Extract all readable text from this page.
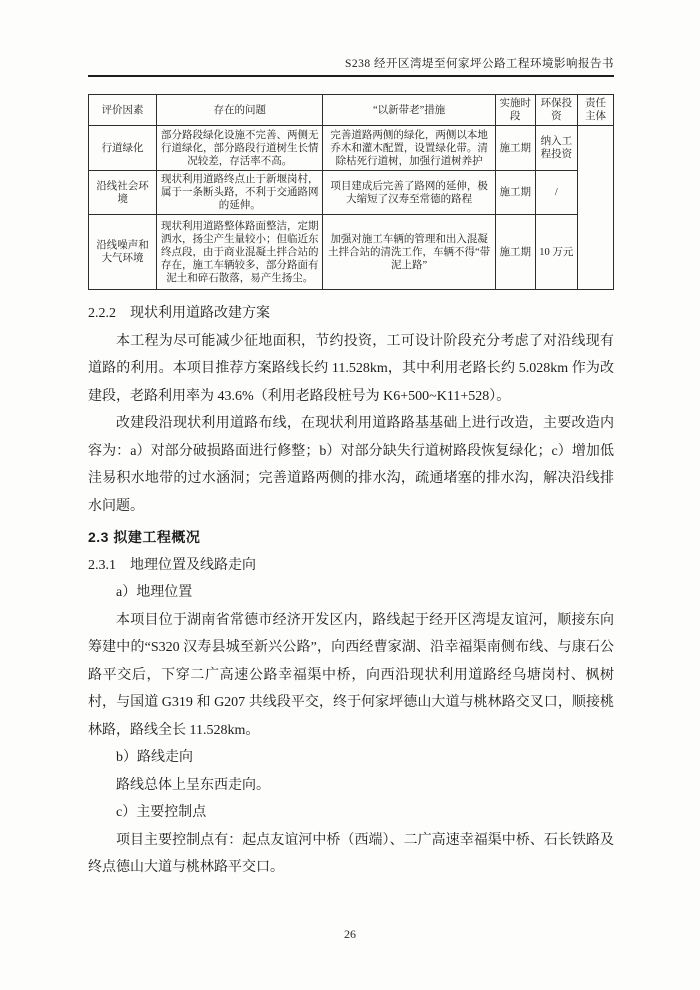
S238 经开区湾堤至何家坪公路工程环境影响报告书
评价因素	存在的问题	“以新带老”措施	实施时段	环保投资	责任主体
行道绿化	部分路段绿化设施不完善、两侧无行道绿化，部分路段行道树生长情况较差，存活率不高。	完善道路两侧的绿化，两侧以本地乔木和灌木配置，设置绿化带。清除枯死行道树，加强行道树养护	施工期	纳入工程投资	
沿线社会环境	现状利用道路终点止于新堰岗村，属于一条断头路，不利于交通路网的延伸。	项目建成后完善了路网的延伸，极大缩短了汉寿至常德的路程	施工期	/	
沿线噪声和大气环境	现状利用道路整体路面整洁，定期洒水，扬尘产生量较小；但临近东终点段，由于商业混凝土拌合站的存在，施工车辆较多，部分路面有泥土和碎石散落，易产生扬尘。	加强对施工车辆的管理和出入混凝土拌合站的清洗工作，车辆不得“带泥上路”	施工期	10 万元	
2.2.2　现状利用道路改建方案

本工程为尽可能减少征地面积，节约投资，工可设计阶段充分考虑了对沿线现有道路的利用。本项目推荐方案路线长约 11.528km，其中利用老路长约 5.028km 作为改建段，老路利用率为 43.6%（利用老路段桩号为 K6+500~K11+528）。

改建段沿现状利用道路布线，在现状利用道路路基基础上进行改造，主要改造内容为：a）对部分破损路面进行修整；b）对部分缺失行道树路段恢复绿化；c）增加低洼易积水地带的过水涵洞；完善道路两侧的排水沟，疏通堵塞的排水沟，解决沿线排水问题。

2.3 拟建工程概况
2.3.1　地理位置及线路走向

a）地理位置

本项目位于湖南省常德市经济开发区内，路线起于经开区湾堤友谊河，顺接东向筹建中的“S320 汉寿县城至新兴公路”，向西经曹家湖、沿幸福渠南侧布线、与康石公路平交后，下穿二广高速公路幸福渠中桥，向西沿现状利用道路经乌塘岗村、枫树村，与国道 G319 和 G207 共线段平交，终于何家坪德山大道与桃林路交叉口，顺接桃林路，路线全长 11.528km。

b）路线走向

路线总体上呈东西走向。

c）主要控制点

项目主要控制点有：起点友谊河中桥（西端）、二广高速幸福渠中桥、石长铁路及终点德山大道与桃林路平交口。

26
